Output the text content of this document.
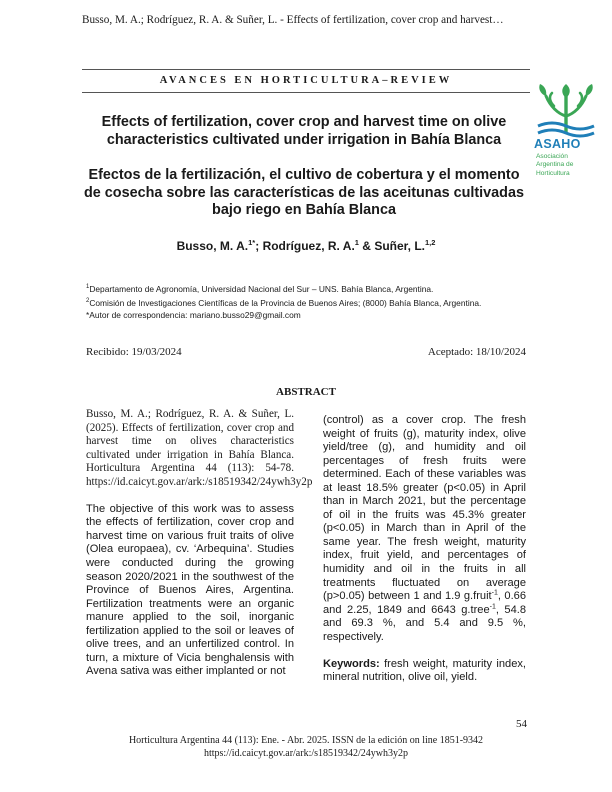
Busso, M. A.; Rodríguez, R. A. & Suñer, L. - Effects of fertilization, cover crop and harvest…
AVANCES EN HORTICULTURA–REVIEW
ASAHO
Asociación
Argentina de
Horticultura
Effects of fertilization, cover crop and harvest time on olive characteristics cultivated under irrigation in Bahía Blanca
Efectos de la fertilización, el cultivo de cobertura y el momento de cosecha sobre las características de las aceitunas cultivadas bajo riego en Bahía Blanca
Busso, M. A.$^{1*}$; Rodríguez, R. A.$^1$ & Suñer, L.$^{1,2}$
$^1$Departamento de Agronomía, Universidad Nacional del Sur – UNS. Bahía Blanca, Argentina.
$^2$Comisión de Investigaciones Científicas de la Provincia de Buenos Aires; (8000) Bahía Blanca, Argentina.
*Autor de correspondencia: mariano.busso29@gmail.com
Recibido: 19/03/2024	Aceptado: 18/10/2024
ABSTRACT

Busso, M. A.; Rodríguez, R. A. & Suñer, L. (2025). Effects of fertilization, cover crop and harvest time on olives characteristics cultivated under irrigation in Bahía Blanca. Horticultura Argentina 44 (113): 54-78. https://id.caicyt.gov.ar/ark:/s18519342/24ywh3y2p

The objective of this work was to assess the effects of fertilization, cover crop and harvest time on various fruit traits of olive (Olea europaea), cv. ‘Arbequina’. Studies were conducted during the growing season 2020/2021 in the southwest of the Province of Buenos Aires, Argentina. Fertilization treatments were an organic manure applied to the soil, inorganic fertilization applied to the soil or leaves of olive trees, and an unfertilized control. In turn, a mixture of Vicia benghalensis with Avena sativa was either implanted or not

(control) as a cover crop. The fresh weight of fruits (g), maturity index, olive yield/tree (g), and humidity and oil percentages of fresh fruits were determined. Each of these variables was at least 18.5% greater (p<0.05) in April than in March 2021, but the percentage of oil in the fruits was 45.3% greater (p<0.05) in March than in April of the same year. The fresh weight, maturity index, fruit yield, and percentages of humidity and oil in the fruits in all treatments fluctuated on average (p>0.05) between 1 and 1.9 g.fruit$^{-1}$, 0.66 and 2.25, 1849 and 6643 g.tree$^{-1}$, 54.8 and 69.3 %, and 5.4 and 9.5 %, respectively.

Keywords: fresh weight, maturity index, mineral nutrition, olive oil, yield.

54
Horticultura Argentina 44 (113): Ene. - Abr. 2025. ISSN de la edición on line 1851-9342
https://id.caicyt.gov.ar/ark:/s18519342/24ywh3y2p
